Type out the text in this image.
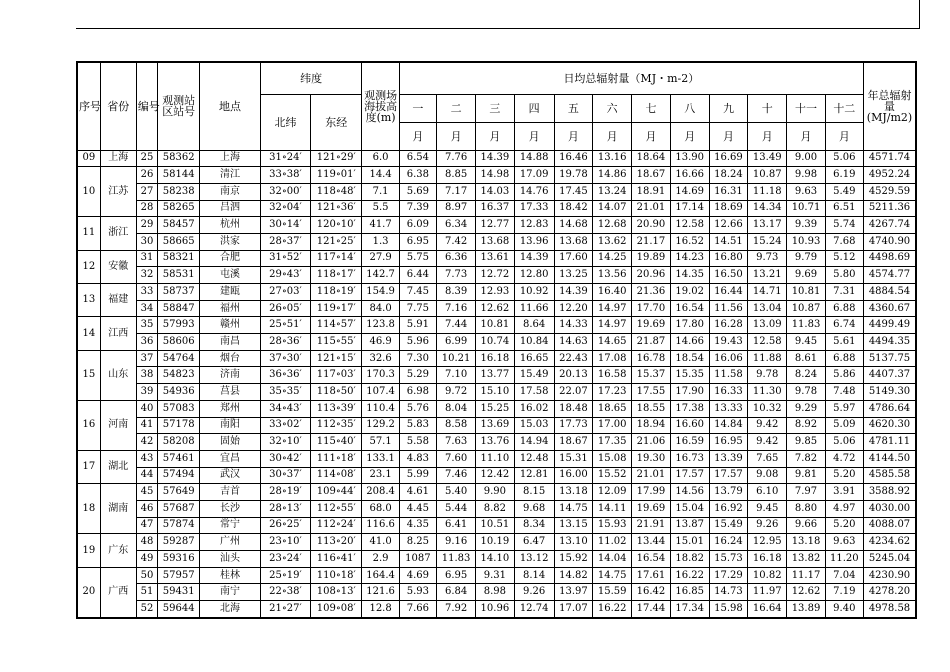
序号	省份	编号	观测站区站号	地点	纬度		观测场海拔高度(m)	日均总辐射量（MJ・m-2）												年总辐射量(MJ/m2)
					北纬	东经		一	二	三	四	五	六	七	八	九	十	十一	十二	
								月	月	月	月	月	月	月	月	月	月	月	月	
09	上海	25	58362	上海	31∘24′	121∘29′	6.0	6.54	7.76	14.39	14.88	16.46	13.16	18.64	13.90	16.69	13.49	9.00	5.06	4571.74
10	江苏	26	58144	清江	33∘38′	119∘01′	14.4	6.38	8.85	14.98	17.09	19.78	14.86	18.67	16.66	18.24	10.87	9.98	6.19	4952.24
		27	58238	南京	32∘00′	118∘48′	7.1	5.69	7.17	14.03	14.76	17.45	13.24	18.91	14.69	16.31	11.18	9.63	5.49	4529.59
		28	58265	吕泗	32∘04′	121∘36′	5.5	7.39	8.97	16.37	17.33	18.42	14.07	21.01	17.14	18.69	14.34	10.71	6.51	5211.36
11	浙江	29	58457	杭州	30∘14′	120∘10′	41.7	6.09	6.34	12.77	12.83	14.68	12.68	20.90	12.58	12.66	13.17	9.39	5.74	4267.74
		30	58665	洪家	28∘37′	121∘25′	1.3	6.95	7.42	13.68	13.96	13.68	13.62	21.17	16.52	14.51	15.24	10.93	7.68	4740.90
12	安徽	31	58321	合肥	31∘52′	117∘14′	27.9	5.75	6.36	13.61	14.39	17.60	14.25	19.89	14.23	16.80	9.73	9.79	5.12	4498.69
		32	58531	屯溪	29∘43′	118∘17′	142.7	6.44	7.73	12.72	12.80	13.25	13.56	20.96	14.35	16.50	13.21	9.69	5.80	4574.77
13	福建	33	58737	建瓯	27∘03′	118∘19′	154.9	7.45	8.39	12.93	10.92	14.39	16.40	21.36	19.02	16.44	14.71	10.81	7.31	4884.54
		34	58847	福州	26∘05′	119∘17′	84.0	7.75	7.16	12.62	11.66	12.20	14.97	17.70	16.54	11.56	13.04	10.87	6.88	4360.67
14	江西	35	57993	赣州	25∘51′	114∘57′	123.8	5.91	7.44	10.81	8.64	14.33	14.97	19.69	17.80	16.28	13.09	11.83	6.74	4499.49
		36	58606	南昌	28∘36′	115∘55′	46.9	5.96	6.99	10.74	10.84	14.63	14.65	21.87	14.66	19.43	12.58	9.45	5.61	4494.35
15	山东	37	54764	烟台	37∘30′	121∘15′	32.6	7.30	10.21	16.18	16.65	22.43	17.08	16.78	18.54	16.06	11.88	8.61	6.88	5137.75
		38	54823	济南	36∘36′	117∘03′	170.3	5.29	7.10	13.77	15.49	20.13	16.58	15.37	15.35	11.58	9.78	8.24	5.86	4407.37
		39	54936	莒县	35∘35′	118∘50′	107.4	6.98	9.72	15.10	17.58	22.07	17.23	17.55	17.90	16.33	11.30	9.78	7.48	5149.30
16	河南	40	57083	郑州	34∘43′	113∘39′	110.4	5.76	8.04	15.25	16.02	18.48	18.65	18.55	17.38	13.33	10.32	9.29	5.97	4786.64
		41	57178	南阳	33∘02′	112∘35′	129.2	5.83	8.58	13.69	15.03	17.73	17.00	18.94	16.60	14.84	9.42	8.92	5.09	4620.30
		42	58208	固始	32∘10′	115∘40′	57.1	5.58	7.63	13.76	14.94	18.67	17.35	21.06	16.59	16.95	9.42	9.85	5.06	4781.11
17	湖北	43	57461	宜昌	30∘42′	111∘18′	133.1	4.83	7.60	11.10	12.48	15.31	15.08	19.30	16.73	13.39	7.65	7.82	4.72	4144.50
		44	57494	武汉	30∘37′	114∘08′	23.1	5.99	7.46	12.42	12.81	16.00	15.52	21.01	17.57	17.57	9.08	9.81	5.20	4585.58
18	湖南	45	57649	吉首	28∘19′	109∘44′	208.4	4.61	5.40	9.90	8.15	13.18	12.09	17.99	14.56	13.79	6.10	7.97	3.91	3588.92
		46	57687	长沙	28∘13′	112∘55′	68.0	4.45	5.44	8.82	9.68	14.75	14.11	19.69	15.04	16.92	9.45	8.80	4.97	4030.00
		47	57874	常宁	26∘25′	112∘24′	116.6	4.35	6.41	10.51	8.34	13.15	15.93	21.91	13.87	15.49	9.26	9.66	5.20	4088.07
19	广东	48	59287	广州	23∘10′	113∘20′	41.0	8.25	9.16	10.19	6.47	13.10	11.02	13.44	15.01	16.24	12.95	13.18	9.63	4234.62
		49	59316	汕头	23∘24′	116∘41′	2.9	1087	11.83	14.10	13.12	15.92	14.04	16.54	18.82	15.73	16.18	13.82	11.20	5245.04
20	广西	50	57957	桂林	25∘19′	110∘18′	164.4	4.69	6.95	9.31	8.14	14.82	14.75	17.61	16.22	17.29	10.82	11.17	7.04	4230.90
		51	59431	南宁	22∘38′	108∘13′	121.6	5.93	6.84	8.98	9.26	13.97	15.59	16.42	16.85	14.73	11.97	12.62	7.19	4278.20
		52	59644	北海	21∘27′	109∘08′	12.8	7.66	7.92	10.96	12.74	17.07	16.22	17.44	17.34	15.98	16.64	13.89	9.40	4978.58
